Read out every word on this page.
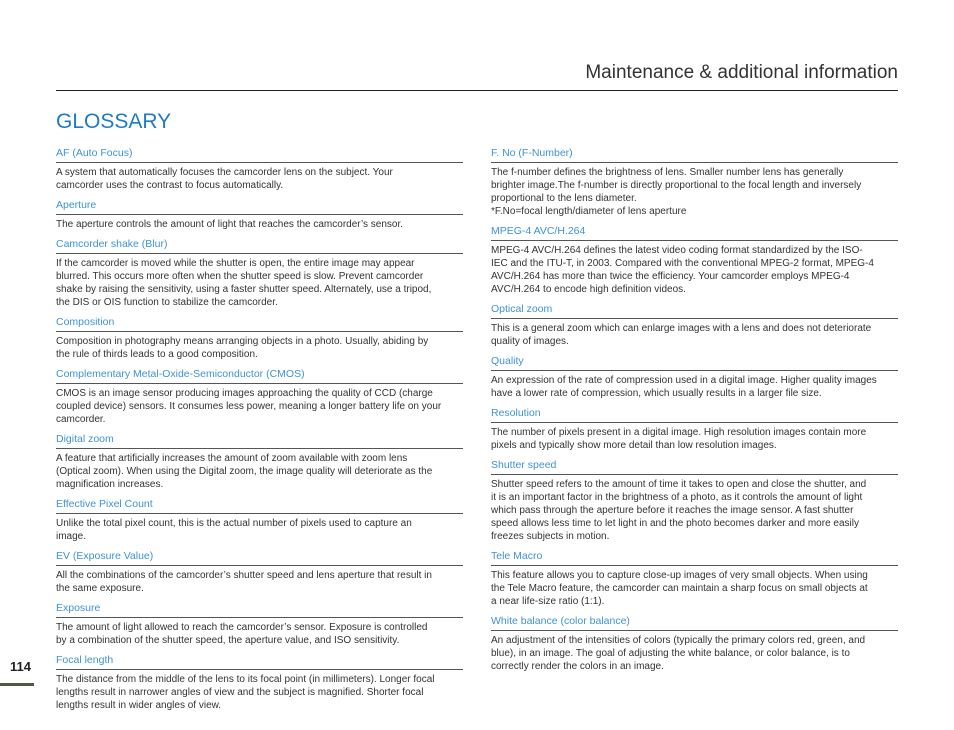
Maintenance & additional information
GLOSSARY
AF (Auto Focus)
A system that automatically focuses the camcorder lens on the subject. Your
camcorder uses the contrast to focus automatically.
Aperture
The aperture controls the amount of light that reaches the camcorder’s sensor.
Camcorder shake (Blur)
If the camcorder is moved while the shutter is open, the entire image may appear
blurred. This occurs more often when the shutter speed is slow. Prevent camcorder
shake by raising the sensitivity, using a faster shutter speed. Alternately, use a tripod,
the DIS or OIS function to stabilize the camcorder.
Composition
Composition in photography means arranging objects in a photo. Usually, abiding by
the rule of thirds leads to a good composition.
Complementary Metal-Oxide-Semiconductor (CMOS)
CMOS is an image sensor producing images approaching the quality of CCD (charge
coupled device) sensors. It consumes less power, meaning a longer battery life on your
camcorder.
Digital zoom
A feature that artificially increases the amount of zoom available with zoom lens
(Optical zoom). When using the Digital zoom, the image quality will deteriorate as the
magnification increases.
Effective Pixel Count
Unlike the total pixel count, this is the actual number of pixels used to capture an
image.
EV (Exposure Value)
All the combinations of the camcorder’s shutter speed and lens aperture that result in
the same exposure.
Exposure
The amount of light allowed to reach the camcorder’s sensor. Exposure is controlled
by a combination of the shutter speed, the aperture value, and ISO sensitivity.
Focal length
The distance from the middle of the lens to its focal point (in millimeters). Longer focal
lengths result in narrower angles of view and the subject is magnified. Shorter focal
lengths result in wider angles of view.
F. No (F-Number)
The f-number defines the brightness of lens. Smaller number lens has generally
brighter image.The f-number is directly proportional to the focal length and inversely
proportional to the lens diameter.
*F.No=focal length/diameter of lens aperture
MPEG-4 AVC/H.264
MPEG-4 AVC/H.264 defines the latest video coding format standardized by the ISO-
IEC and the ITU-T, in 2003. Compared with the conventional MPEG-2 format, MPEG-4
AVC/H.264 has more than twice the efficiency. Your camcorder employs MPEG-4
AVC/H.264 to encode high definition videos.
Optical zoom
This is a general zoom which can enlarge images with a lens and does not deteriorate
quality of images.
Quality
An expression of the rate of compression used in a digital image. Higher quality images
have a lower rate of compression, which usually results in a larger file size.
Resolution
The number of pixels present in a digital image. High resolution images contain more
pixels and typically show more detail than low resolution images.
Shutter speed
Shutter speed refers to the amount of time it takes to open and close the shutter, and
it is an important factor in the brightness of a photo, as it controls the amount of light
which pass through the aperture before it reaches the image sensor. A fast shutter
speed allows less time to let light in and the photo becomes darker and more easily
freezes subjects in motion.
Tele Macro
This feature allows you to capture close-up images of very small objects. When using
the Tele Macro feature, the camcorder can maintain a sharp focus on small objects at
a near life-size ratio (1:1).
White balance (color balance)
An adjustment of the intensities of colors (typically the primary colors red, green, and
blue), in an image. The goal of adjusting the white balance, or color balance, is to
correctly render the colors in an image.
114
